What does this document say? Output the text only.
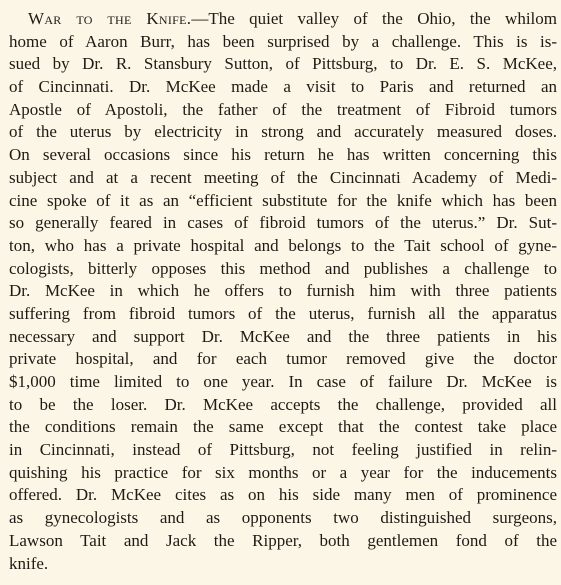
War to the Knife.—The quiet valley of the Ohio, the whilom
home of Aaron Burr, has been surprised by a challenge. This is is-
sued by Dr. R. Stansbury Sutton, of Pittsburg, to Dr. E. S. McKee,
of Cincinnati. Dr. McKee made a visit to Paris and returned an
Apostle of Apostoli, the father of the treatment of Fibroid tumors
of the uterus by electricity in strong and accurately measured doses.
On several occasions since his return he has written concerning this
subject and at a recent meeting of the Cincinnati Academy of Medi-
cine spoke of it as an “efficient substitute for the knife which has been
so generally feared in cases of fibroid tumors of the uterus.” Dr. Sut-
ton, who has a private hospital and belongs to the Tait school of gyne-
cologists, bitterly opposes this method and publishes a challenge to
Dr. McKee in which he offers to furnish him with three patients
suffering from fibroid tumors of the uterus, furnish all the apparatus
necessary and support Dr. McKee and the three patients in his
private hospital, and for each tumor removed give the doctor
$1,000 time limited to one year. In case of failure Dr. McKee is
to be the loser. Dr. McKee accepts the challenge, provided all
the conditions remain the same except that the contest take place
in Cincinnati, instead of Pittsburg, not feeling justified in relin-
quishing his practice for six months or a year for the inducements
offered. Dr. McKee cites as on his side many men of prominence
as gynecologists and as opponents two distinguished surgeons,
Lawson Tait and Jack the Ripper, both gentlemen fond of the
knife.
